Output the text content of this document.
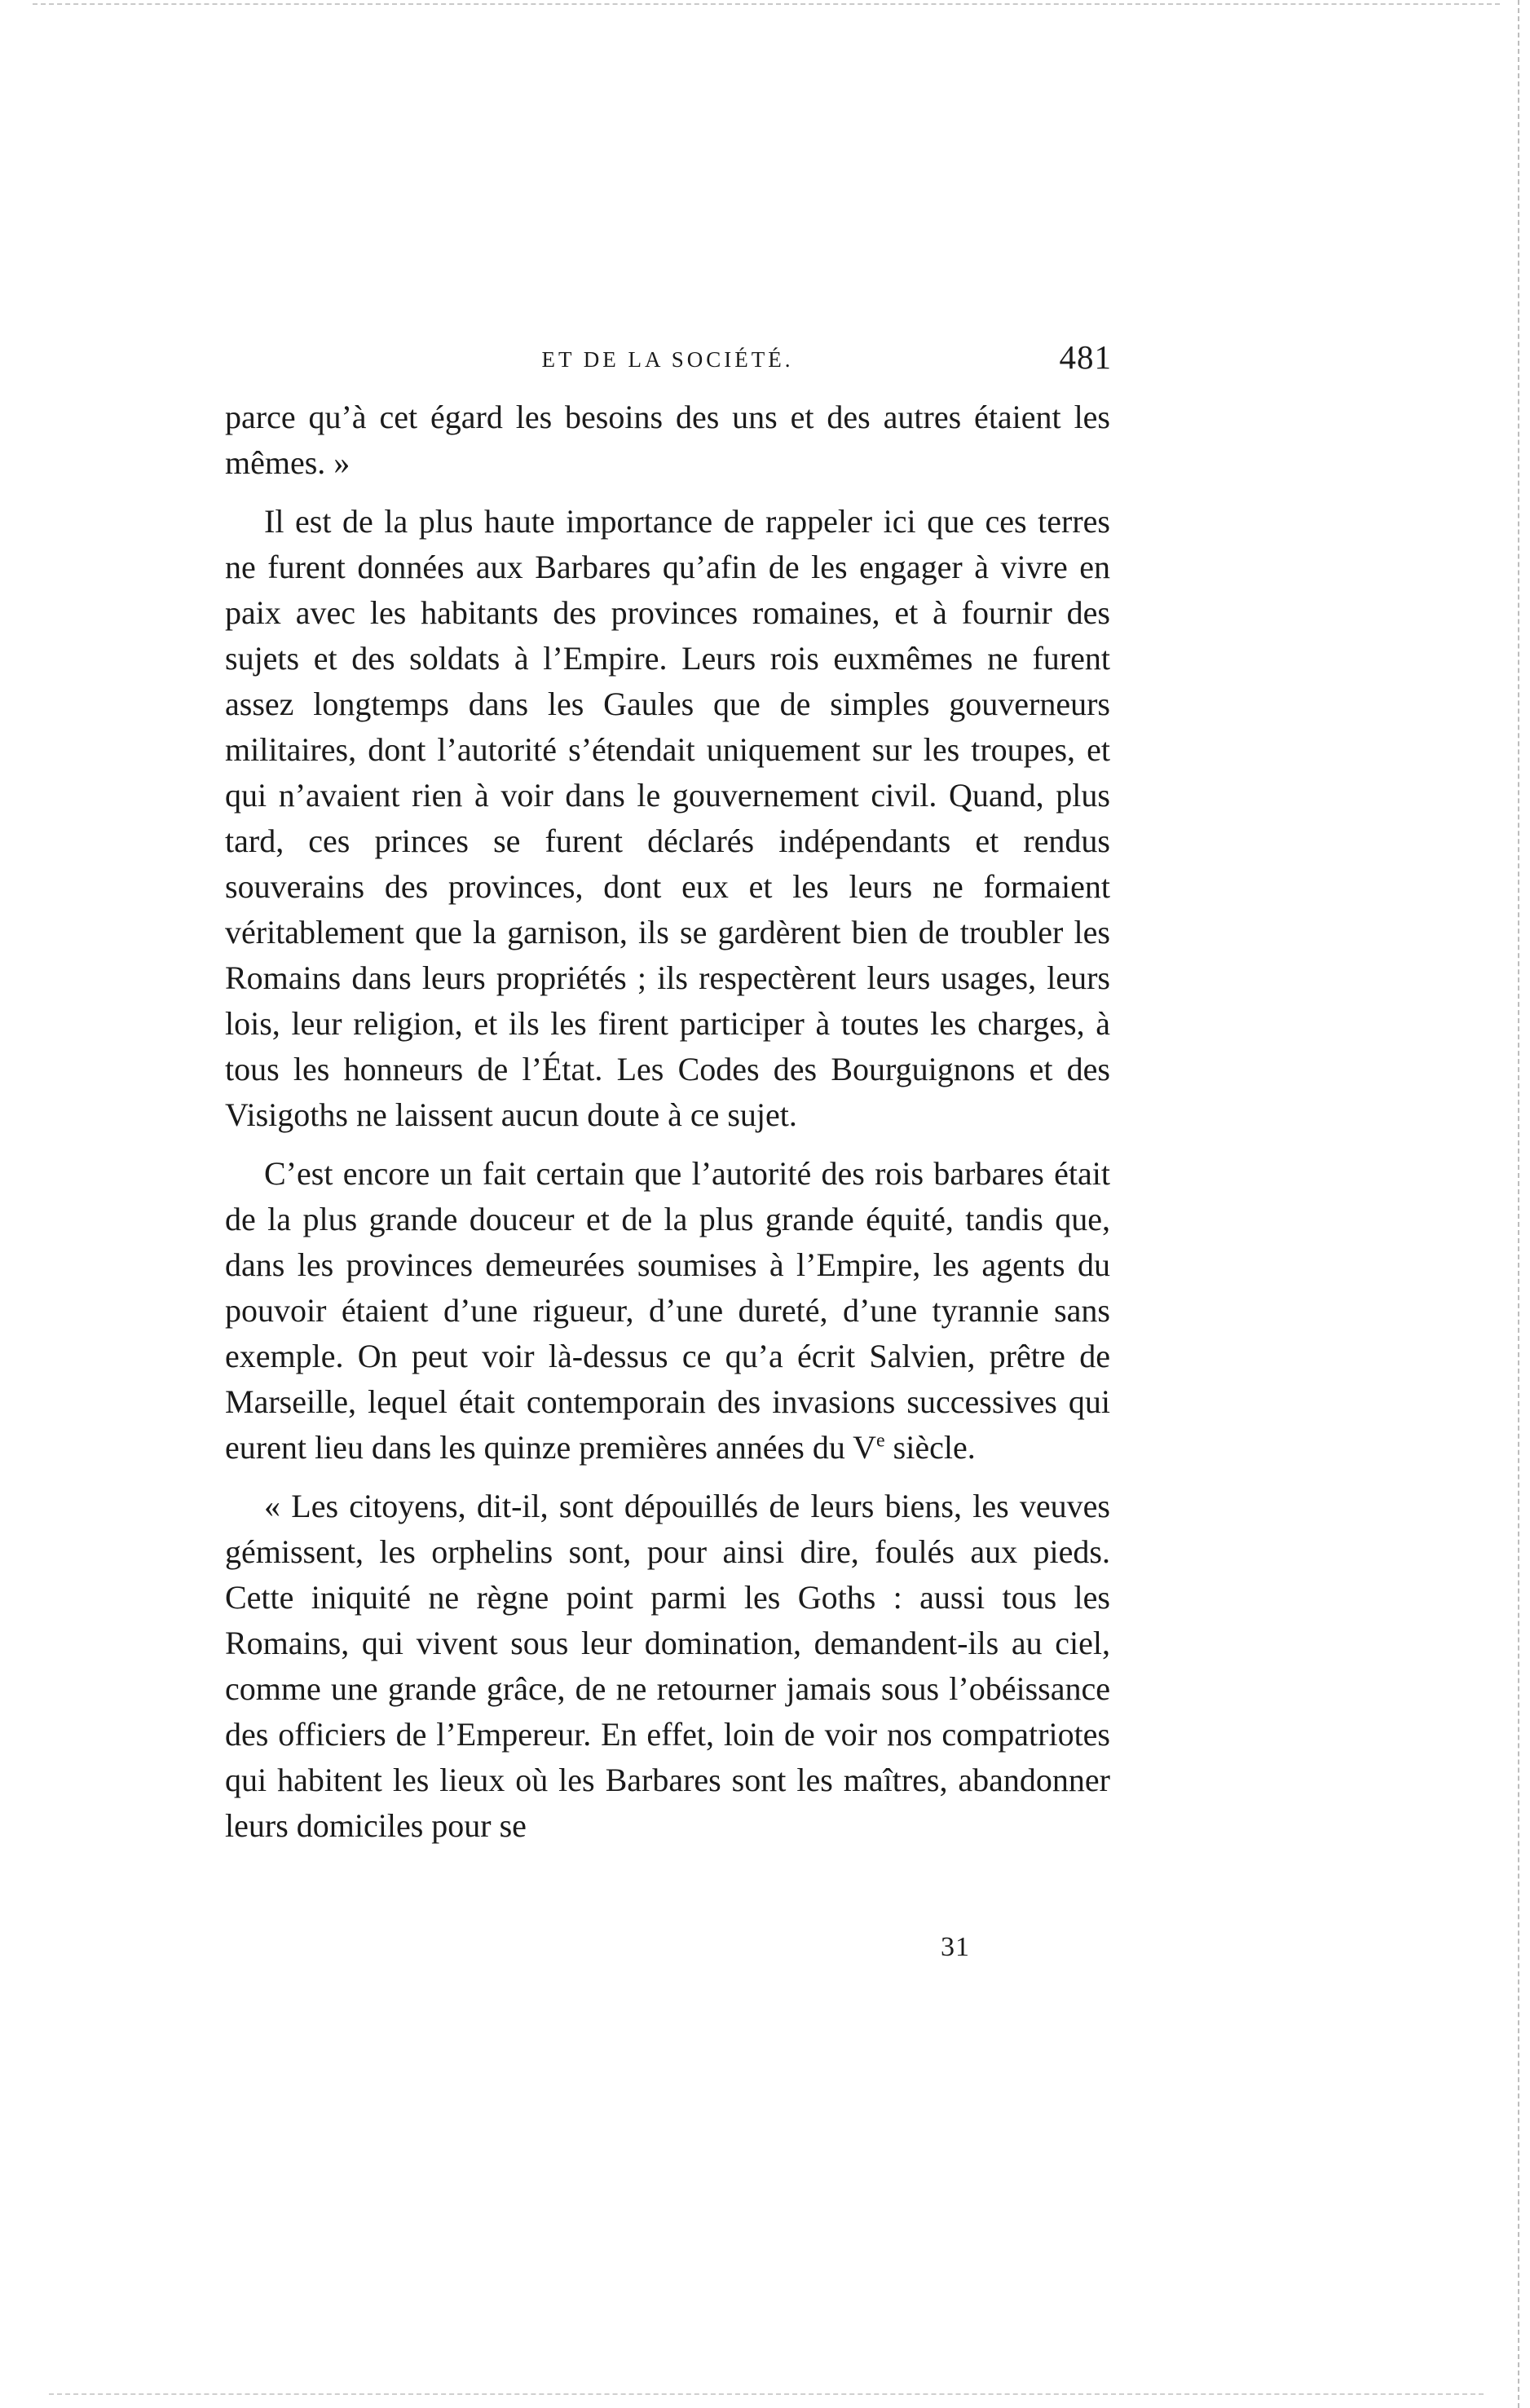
ET DE LA SOCIÉTÉ.	481

parce qu’à cet égard les besoins des uns et des autres étaient les mêmes. »

Il est de la plus haute importance de rappeler ici que ces terres ne furent données aux Barbares qu’afin de les engager à vivre en paix avec les habitants des provinces romaines, et à fournir des sujets et des soldats à l’Empire. Leurs rois euxmêmes ne furent assez longtemps dans les Gaules que de simples gouverneurs militaires, dont l’autorité s’étendait uniquement sur les troupes, et qui n’avaient rien à voir dans le gouvernement civil. Quand, plus tard, ces princes se furent déclarés indépendants et rendus souverains des provinces, dont eux et les leurs ne formaient véritablement que la garnison, ils se gardèrent bien de troubler les Romains dans leurs propriétés ; ils respectèrent leurs usages, leurs lois, leur religion, et ils les firent participer à toutes les charges, à tous les honneurs de l’État. Les Codes des Bourguignons et des Visigoths ne laissent aucun doute à ce sujet.

C’est encore un fait certain que l’autorité des rois barbares était de la plus grande douceur et de la plus grande équité, tandis que, dans les provinces demeurées soumises à l’Empire, les agents du pouvoir étaient d’une rigueur, d’une dureté, d’une tyrannie sans exemple. On peut voir là-dessus ce qu’a écrit Salvien, prêtre de Marseille, lequel était contemporain des invasions successives qui eurent lieu dans les quinze premières années du Ve siècle.

« Les citoyens, dit-il, sont dépouillés de leurs biens, les veuves gémissent, les orphelins sont, pour ainsi dire, foulés aux pieds. Cette iniquité ne règne point parmi les Goths : aussi tous les Romains, qui vivent sous leur domination, demandent-ils au ciel, comme une grande grâce, de ne retourner jamais sous l’obéissance des officiers de l’Empereur. En effet, loin de voir nos compatriotes qui habitent les lieux où les Barbares sont les maîtres, abandonner leurs domiciles pour se

31
